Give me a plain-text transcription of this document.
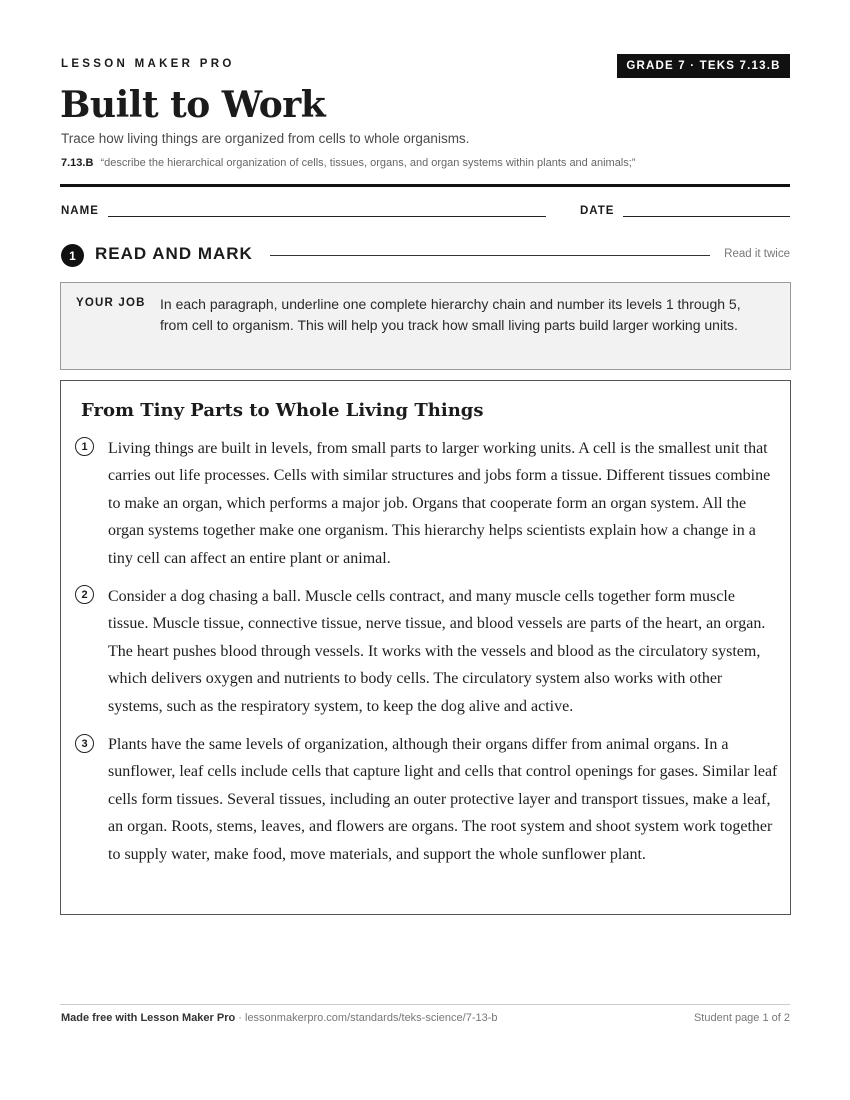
LESSON MAKER PRO	GRADE 7 · TEKS 7.13.B
Built to Work
Trace how living things are organized from cells to whole organisms.
7.13.B “describe the hierarchical organization of cells, tissues, organs, and organ systems within plants and animals;”
NAME	DATE
1	READ AND MARK	Read it twice
YOUR JOB In each paragraph, underline one complete hierarchy chain and number its levels 1 through 5, from cell to organism. This will help you track how small living parts build larger working units.
From Tiny Parts to Whole Living Things
1	Living things are built in levels, from small parts to larger working units. A cell is the smallest unit that carries out life processes. Cells with similar structures and jobs form a tissue. Different tissues combine to make an organ, which performs a major job. Organs that cooperate form an organ system. All the organ systems together make one organism. This hierarchy helps scientists explain how a change in a tiny cell can affect an entire plant or animal.
2	Consider a dog chasing a ball. Muscle cells contract, and many muscle cells together form muscle tissue. Muscle tissue, connective tissue, nerve tissue, and blood vessels are parts of the heart, an organ. The heart pushes blood through vessels. It works with the vessels and blood as the circulatory system, which delivers oxygen and nutrients to body cells. The circulatory system also works with other systems, such as the respiratory system, to keep the dog alive and active.
3	Plants have the same levels of organization, although their organs differ from animal organs. In a sunflower, leaf cells include cells that capture light and cells that control openings for gases. Similar leaf cells form tissues. Several tissues, including an outer protective layer and transport tissues, make a leaf, an organ. Roots, stems, leaves, and flowers are organs. The root system and shoot system work together to supply water, make food, move materials, and support the whole sunflower plant.
Made free with Lesson Maker Pro · lessonmakerpro.com/standards/teks-science/7-13-b	Student page 1 of 2
